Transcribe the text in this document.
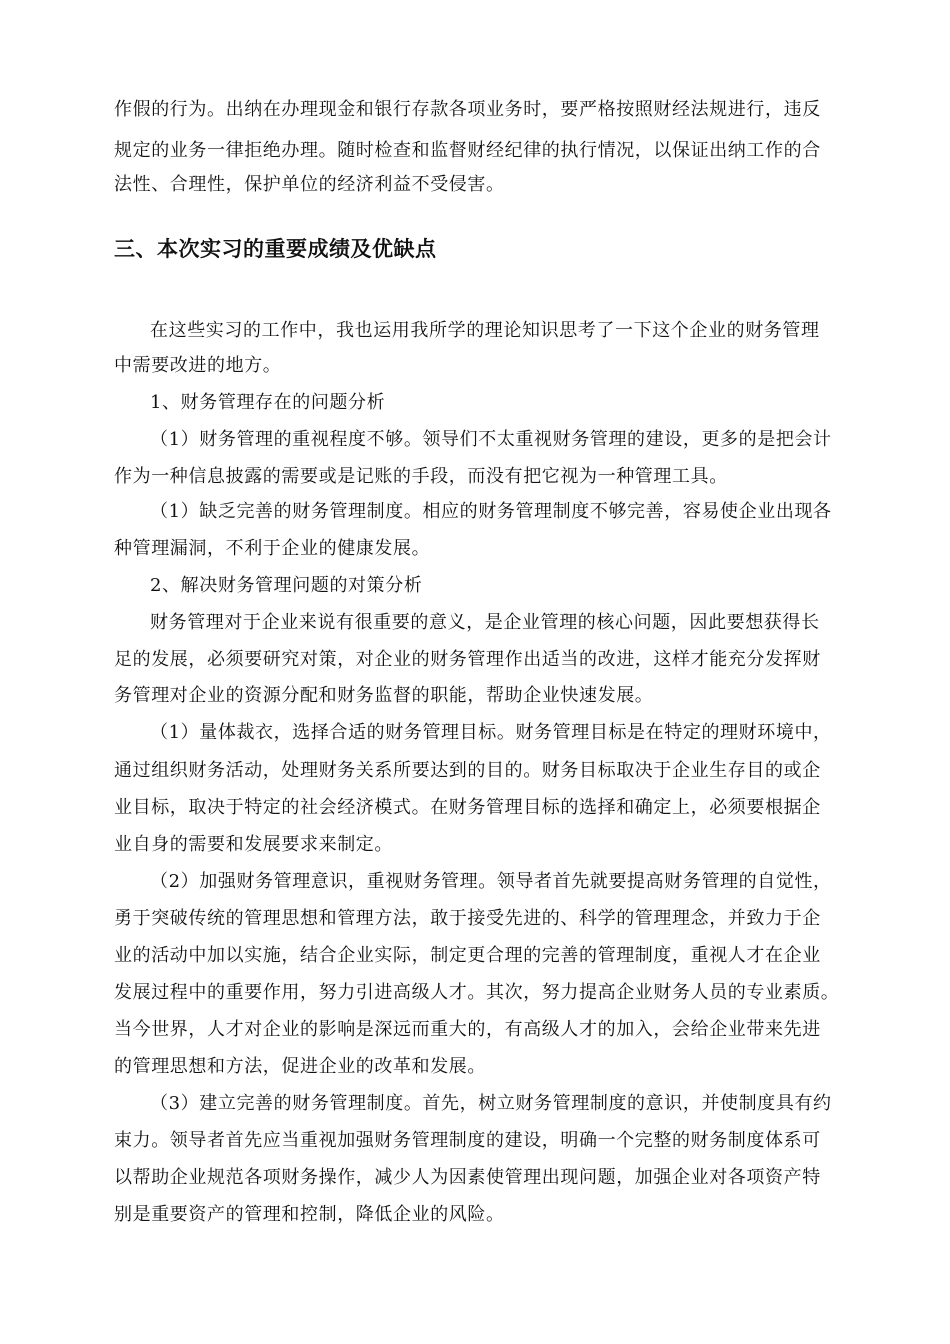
作假的行为。出纳在办理现金和银行存款各项业务时，要严格按照财经法规进行，违反
规定的业务一律拒绝办理。随时检查和监督财经纪律的执行情况，以保证出纳工作的合
法性、合理性，保护单位的经济利益不受侵害。
三、本次实习的重要成绩及优缺点
在这些实习的工作中，我也运用我所学的理论知识思考了一下这个企业的财务管理
中需要改进的地方。
1、财务管理存在的问题分析
（1）财务管理的重视程度不够。领导们不太重视财务管理的建设，更多的是把会计
作为一种信息披露的需要或是记账的手段，而没有把它视为一种管理工具。
（1）缺乏完善的财务管理制度。相应的财务管理制度不够完善，容易使企业出现各
种管理漏洞，不利于企业的健康发展。
2、解决财务管理问题的对策分析
财务管理对于企业来说有很重要的意义，是企业管理的核心问题，因此要想获得长
足的发展，必须要研究对策，对企业的财务管理作出适当的改进，这样才能充分发挥财
务管理对企业的资源分配和财务监督的职能，帮助企业快速发展。
（1）量体裁衣，选择合适的财务管理目标。财务管理目标是在特定的理财环境中，
通过组织财务活动，处理财务关系所要达到的目的。财务目标取决于企业生存目的或企
业目标，取决于特定的社会经济模式。在财务管理目标的选择和确定上，必须要根据企
业自身的需要和发展要求来制定。
（2）加强财务管理意识，重视财务管理。领导者首先就要提高财务管理的自觉性，
勇于突破传统的管理思想和管理方法，敢于接受先进的、科学的管理理念，并致力于企
业的活动中加以实施，结合企业实际，制定更合理的完善的管理制度，重视人才在企业
发展过程中的重要作用，努力引进高级人才。其次，努力提高企业财务人员的专业素质。
当今世界，人才对企业的影响是深远而重大的，有高级人才的加入，会给企业带来先进
的管理思想和方法，促进企业的改革和发展。
（3）建立完善的财务管理制度。首先，树立财务管理制度的意识，并使制度具有约
束力。领导者首先应当重视加强财务管理制度的建设，明确一个完整的财务制度体系可
以帮助企业规范各项财务操作，减少人为因素使管理出现问题，加强企业对各项资产特
别是重要资产的管理和控制，降低企业的风险。
